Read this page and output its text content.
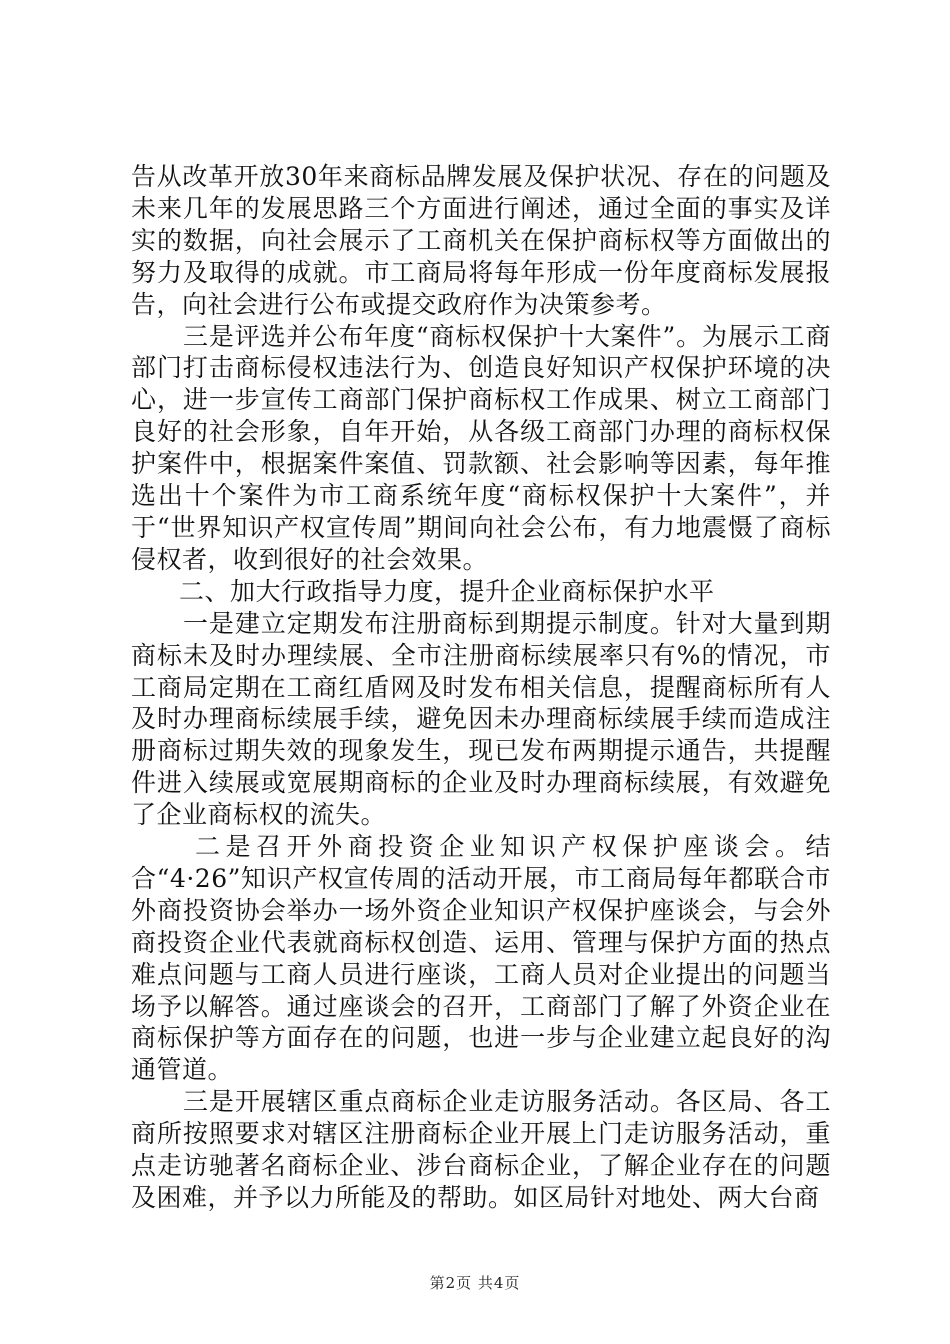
告从改革开放30年来商标品牌发展及保护状况、存在的问题及未来几年的发展思路三个方面进行阐述，通过全面的事实及详实的数据，向社会展示了工商机关在保护商标权等方面做出的努力及取得的成就。市工商局将每年形成一份年度商标发展报告，向社会进行公布或提交政府作为决策参考。

三是评选并公布年度“商标权保护十大案件”。为展示工商部门打击商标侵权违法行为、创造良好知识产权保护环境的决心，进一步宣传工商部门保护商标权工作成果、树立工商部门良好的社会形象，自年开始，从各级工商部门办理的商标权保护案件中，根据案件案值、罚款额、社会影响等因素，每年推选出十个案件为市工商系统年度“商标权保护十大案件”，并于“世界知识产权宣传周”期间向社会公布，有力地震慑了商标侵权者，收到很好的社会效果。

二、加大行政指导力度，提升企业商标保护水平

一是建立定期发布注册商标到期提示制度。针对大量到期商标未及时办理续展、全市注册商标续展率只有%的情况，市工商局定期在工商红盾网及时发布相关信息，提醒商标所有人及时办理商标续展手续，避免因未办理商标续展手续而造成注册商标过期失效的现象发生，现已发布两期提示通告，共提醒件进入续展或宽展期商标的企业及时办理商标续展，有效避免了企业商标权的流失。

二是召开外商投资企业知识产权保护座谈会。结合“4·26”知识产权宣传周的活动开展，市工商局每年都联合市外商投资协会举办一场外资企业知识产权保护座谈会，与会外商投资企业代表就商标权创造、运用、管理与保护方面的热点难点问题与工商人员进行座谈，工商人员对企业提出的问题当场予以解答。通过座谈会的召开，工商部门了解了外资企业在商标保护等方面存在的问题，也进一步与企业建立起良好的沟通管道。

三是开展辖区重点商标企业走访服务活动。各区局、各工商所按照要求对辖区注册商标企业开展上门走访服务活动，重点走访驰著名商标企业、涉台商标企业，了解企业存在的问题及困难，并予以力所能及的帮助。如区局针对地处、两大台商

第2页 共4页
